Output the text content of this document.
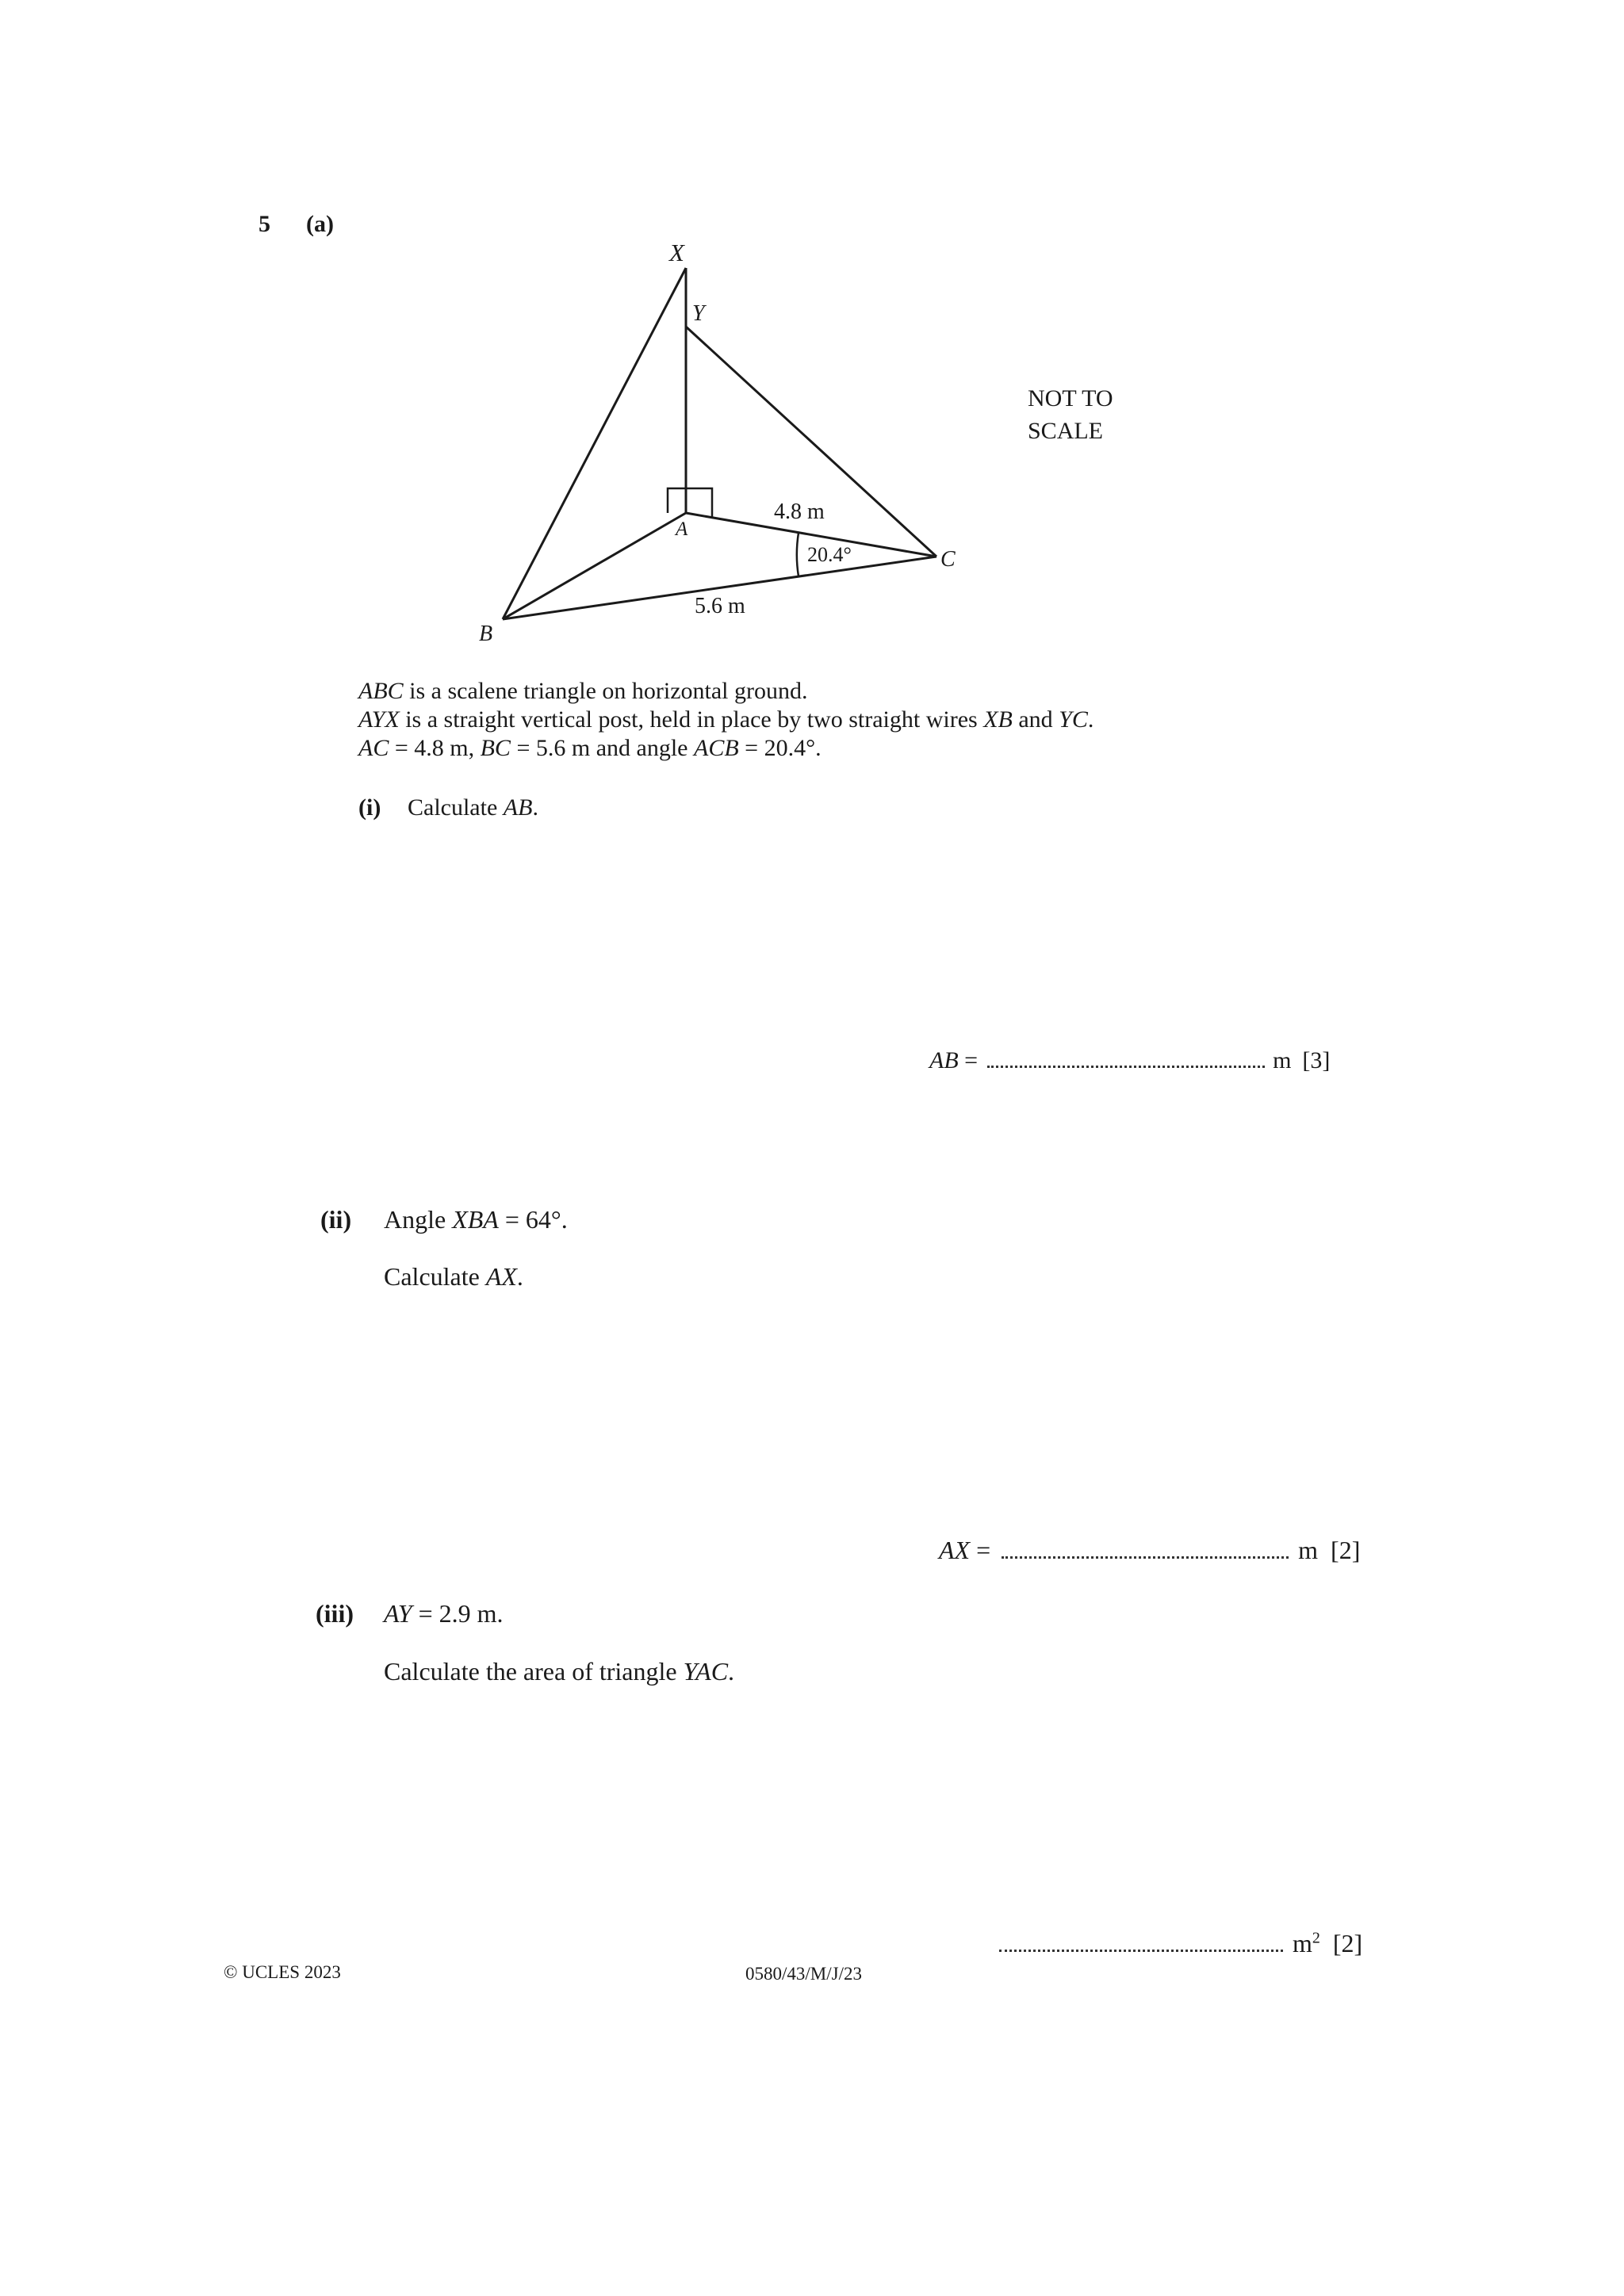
5 (a)
X
Y
A
B
C
4.8 m
5.6 m
20.4°
NOT TO
SCALE
ABC is a scalene triangle on horizontal ground.
AYX is a straight vertical post, held in place by two straight wires XB and YC.
AC = 4.8 m, BC = 5.6 m and angle ACB = 20.4°.
(i) Calculate AB.
AB =	m [3]
(ii) Angle XBA = 64°.
Calculate AX.
AX =	m [2]
(iii) AY = 2.9 m.
Calculate the area of triangle YAC.
$m^2$ [2]
© UCLES 2023	0580/43/M/J/23
